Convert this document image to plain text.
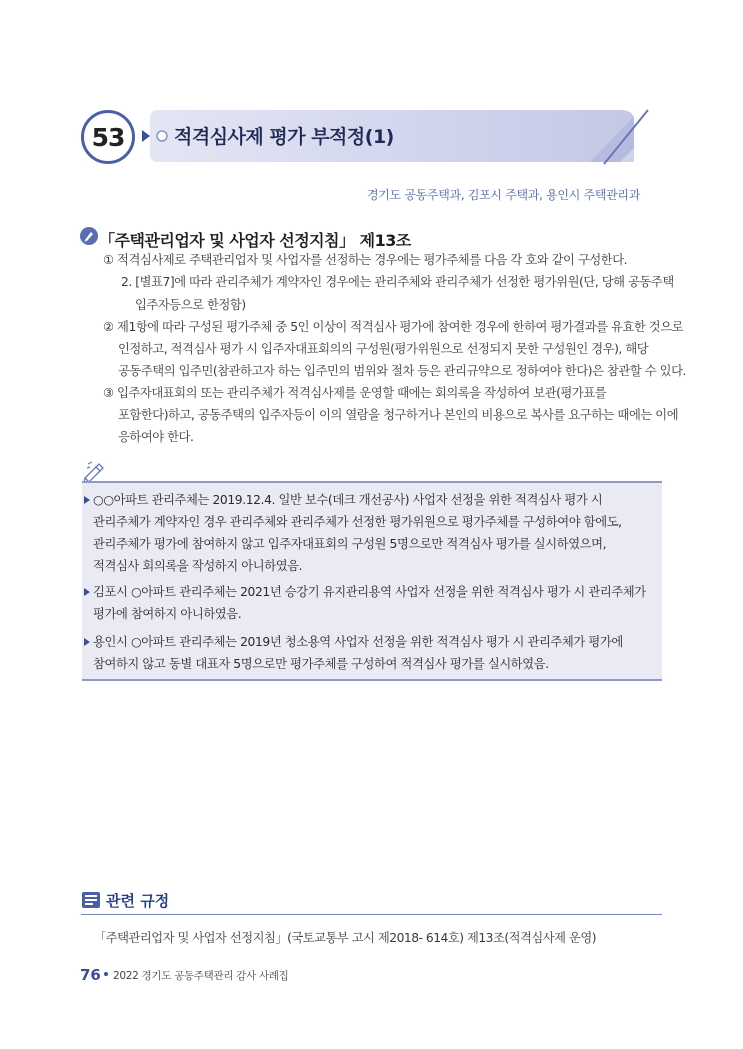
53	적격심사제 평가 부적정(1)
경기도 공동주택과, 김포시 주택과, 용인시 주택관리과
「주택관리업자 및 사업자 선정지침」 제13조
① 적격심사제로 주택관리업자 및 사업자를 선정하는 경우에는 평가주체를 다음 각 호와 같이 구성한다.
2. [별표7]에 따라 관리주체가 계약자인 경우에는 관리주체와 관리주체가 선정한 평가위원(단, 당해 공동주택
입주자등으로 한정함)
② 제1항에 따라 구성된 평가주체 중 5인 이상이 적격심사 평가에 참여한 경우에 한하여 평가결과를 유효한 것으로
인정하고, 적격심사 평가 시 입주자대표회의의 구성원(평가위원으로 선정되지 못한 구성원인 경우), 해당
공동주택의 입주민(참관하고자 하는 입주민의 범위와 절차 등은 관리규약으로 정하여야 한다)은 참관할 수 있다.
③ 입주자대표회의 또는 관리주체가 적격심사제를 운영할 때에는 회의록을 작성하여 보관(평가표를
포함한다)하고, 공동주택의 입주자등이 이의 열람을 청구하거나 본인의 비용으로 복사를 요구하는 때에는 이에
응하여야 한다.
○○아파트 관리주체는 2019.12.4. 일반 보수(데크 개선공사) 사업자 선정을 위한 적격심사 평가 시
관리주체가 계약자인 경우 관리주체와 관리주체가 선정한 평가위원으로 평가주체를 구성하여야 함에도,
관리주체가 평가에 참여하지 않고 입주자대표회의 구성원 5명으로만 적격심사 평가를 실시하였으며,
적격심사 회의록을 작성하지 아니하였음.
김포시 ○아파트 관리주체는 2021년 승강기 유지관리용역 사업자 선정을 위한 적격심사 평가 시 관리주체가
평가에 참여하지 아니하였음.
용인시 ○아파트 관리주체는 2019년 청소용역 사업자 선정을 위한 적격심사 평가 시 관리주체가 평가에
참여하지 않고 동별 대표자 5명으로만 평가주체를 구성하여 적격심사 평가를 실시하였음.
관련 규정
「주택관리업자 및 사업자 선정지침」(국토교통부 고시 제2018- 614호) 제13조(적격심사제 운영)
76 2022 경기도 공동주택관리 감사 사례집
